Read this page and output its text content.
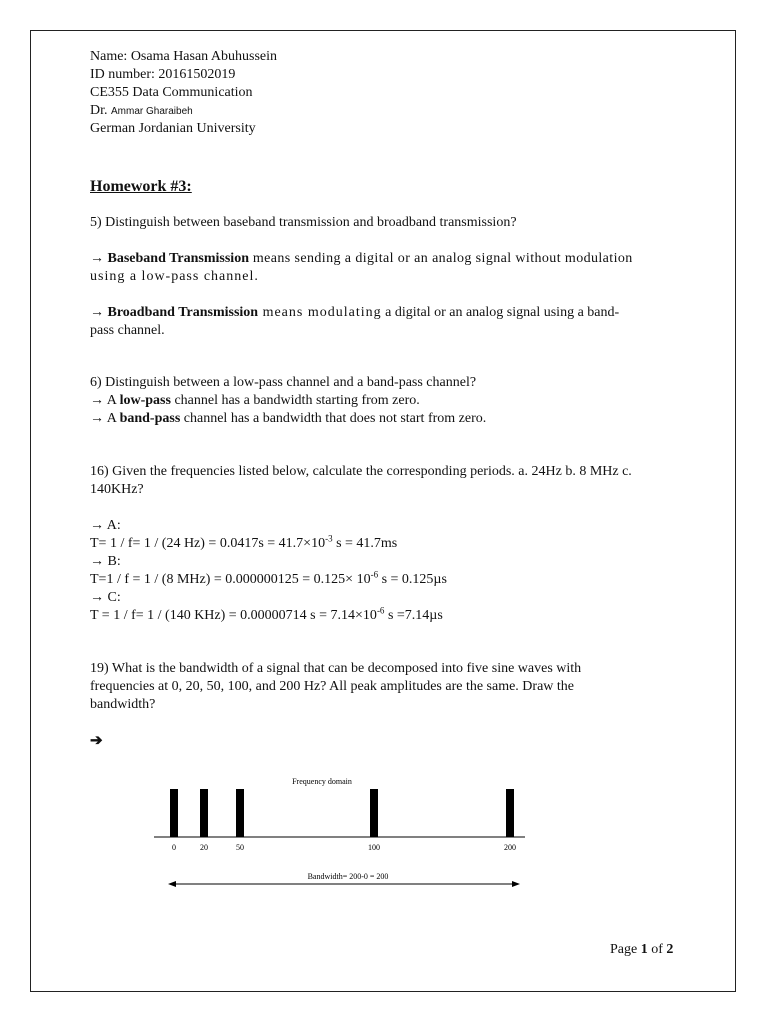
Name: Osama Hasan Abuhussein
ID number: 20161502019
CE355 Data Communication
Dr. Ammar Gharaibeh
German Jordanian University
Homework #3:
5) Distinguish between baseband transmission and broadband transmission?
→ Baseband Transmission means sending a digital or an analog signal without modulation
using a low-pass channel.
→ Broadband Transmission means modulating a digital or an analog signal using a band-
pass channel.
6) Distinguish between a low-pass channel and a band-pass channel?
→ A low-pass channel has a bandwidth starting from zero.
→ A band-pass channel has a bandwidth that does not start from zero.
16) Given the frequencies listed below, calculate the corresponding periods. a. 24Hz b. 8 MHz c.
140KHz?
→ A:
T= 1 / f= 1 / (24 $Hz) = 0.0417s = 41.7\times 10^{-3}$ s = 41.7ms
→ B:
T=1 / f = 1 / (8 $MHz) = 0.000000125 = 0.125\times 10^{-6}$ s = 0.125µs
→ C:
T = 1 / f= 1 / (140 KHz) = 0.00000714 $s = 7.14\times 10^{-6}$ s =7.14µs
19) What is the bandwidth of a signal that can be decomposed into five sine waves with
frequencies at 0, 20, 50, 100, and 200 Hz? All peak amplitudes are the same. Draw the
bandwidth?
➔
Frequency domain
0	20	50	100	200
Bandwidth= 200-0 = 200
Page 1 of 2
